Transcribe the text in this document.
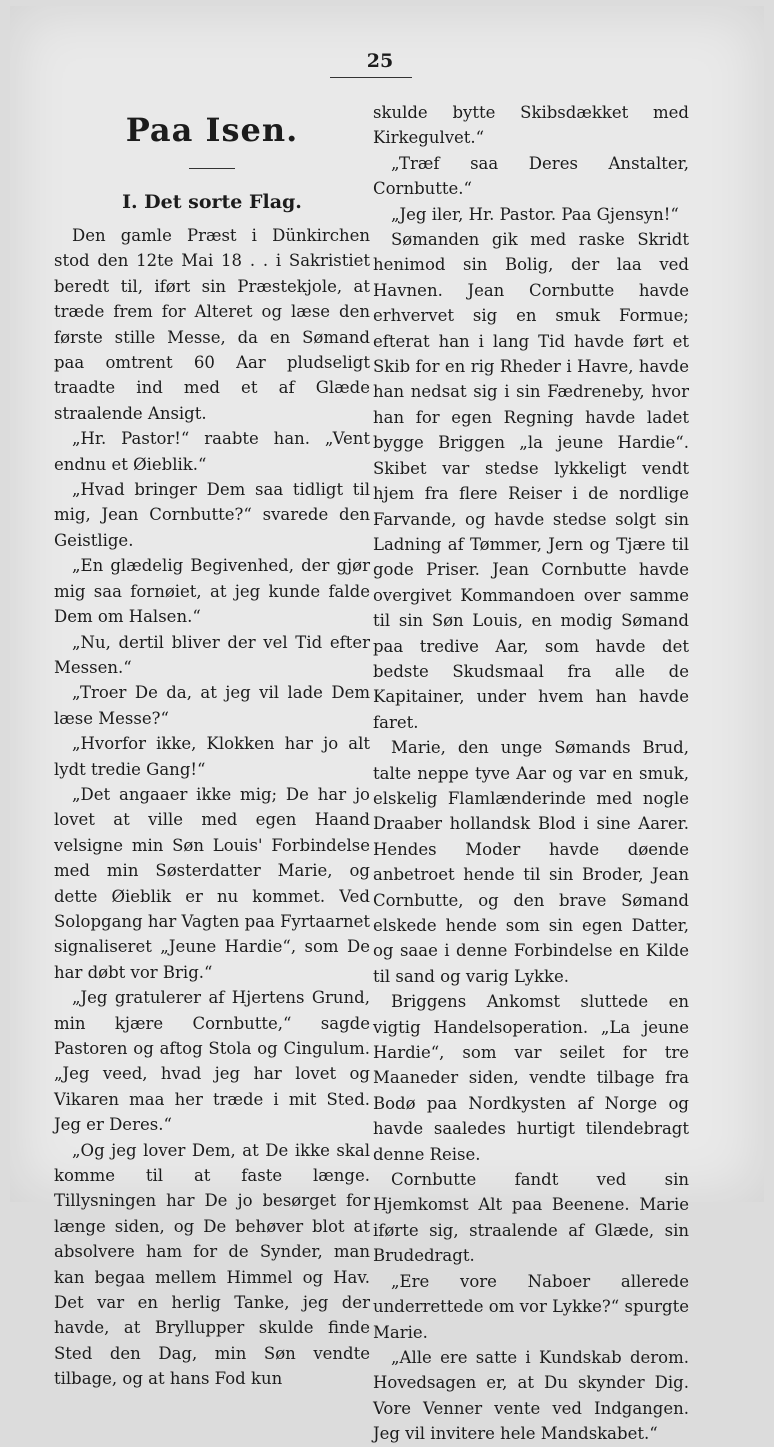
25
Paa Isen.
I. Det sorte Flag.

Den gamle Præst i Dünkirchen stod den 12te Mai 18 . . i Sakristiet beredt til, iført sin Præstekjole, at træde frem for Alteret og læse den første stille Messe, da en Sømand paa omtrent 60 Aar pludseligt traadte ind med et af Glæde straalende Ansigt.

„Hr. Pastor!“ raabte han. „Vent endnu et Øieblik.“

„Hvad bringer Dem saa tidligt til mig, Jean Cornbutte?“ svarede den Geistlige.

„En glædelig Begivenhed, der gjør mig saa fornøiet, at jeg kunde falde Dem om Halsen.“

„Nu, dertil bliver der vel Tid efter Messen.“

„Troer De da, at jeg vil lade Dem læse Messe?“

„Hvorfor ikke, Klokken har jo alt lydt tredie Gang!“

„Det angaaer ikke mig; De har jo lovet at ville med egen Haand velsigne min Søn Louis' Forbindelse med min Søsterdatter Marie, og dette Øieblik er nu kommet. Ved Solopgang har Vagten paa Fyrtaarnet signaliseret „Jeune Hardie“, som De har døbt vor Brig.“

„Jeg gratulerer af Hjertens Grund, min kjære Cornbutte,“ sagde Pastoren og aftog Stola og Cingulum. „Jeg veed, hvad jeg har lovet og Vikaren maa her træde i mit Sted. Jeg er Deres.“

„Og jeg lover Dem, at De ikke skal komme til at faste længe. Tillysningen har De jo besørget for længe siden, og De behøver blot at absolvere ham for de Synder, man kan begaa mellem Himmel og Hav. Det var en herlig Tanke, jeg der havde, at Bryllupper skulde finde Sted den Dag, min Søn vendte tilbage, og at hans Fod kun

skulde bytte Skibsdækket med Kirkegulvet.“

„Træf saa Deres Anstalter, Cornbutte.“

„Jeg iler, Hr. Pastor. Paa Gjensyn!“

Sømanden gik med raske Skridt henimod sin Bolig, der laa ved Havnen. Jean Cornbutte havde erhvervet sig en smuk Formue; efterat han i lang Tid havde ført et Skib for en rig Rheder i Havre, havde han nedsat sig i sin Fædreneby, hvor han for egen Regning havde ladet bygge Briggen „la jeune Hardie“. Skibet var stedse lykkeligt vendt hjem fra flere Reiser i de nordlige Farvande, og havde stedse solgt sin Ladning af Tømmer, Jern og Tjære til gode Priser. Jean Cornbutte havde overgivet Kommandoen over samme til sin Søn Louis, en modig Sømand paa tredive Aar, som havde det bedste Skudsmaal fra alle de Kapitainer, under hvem han havde faret.

Marie, den unge Sømands Brud, talte neppe tyve Aar og var en smuk, elskelig Flamlænderinde med nogle Draaber hollandsk Blod i sine Aarer. Hendes Moder havde døende anbetroet hende til sin Broder, Jean Cornbutte, og den brave Sømand elskede hende som sin egen Datter, og saae i denne Forbindelse en Kilde til sand og varig Lykke.

Briggens Ankomst sluttede en vigtig Handelsoperation. „La jeune Hardie“, som var seilet for tre Maaneder siden, vendte tilbage fra Bodø paa Nordkysten af Norge og havde saaledes hurtigt tilendebragt denne Reise.

Cornbutte fandt ved sin Hjemkomst Alt paa Beenene. Marie iførte sig, straalende af Glæde, sin Brudedragt.

„Ere vore Naboer allerede underrettede om vor Lykke?“ spurgte Marie.

„Alle ere satte i Kundskab derom. Hovedsagen er, at Du skynder Dig. Vore Venner vente ved Indgangen. Jeg vil invitere hele Mandskabet.“
